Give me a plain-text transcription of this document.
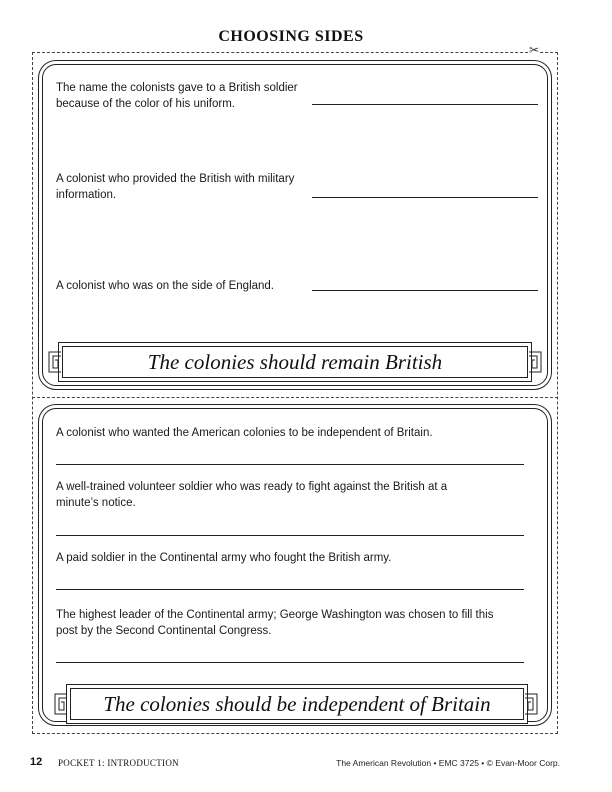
CHOOSING SIDES
✂
The name the colonists gave to a British soldier because of the color of his uniform.
A colonist who provided the British with military information.
A colonist who was on the side of England.
The colonies should remain British
A colonist who wanted the American colonies to be independent of Britain.
A well-trained volunteer soldier who was ready to fight against the British at a minute’s notice.
A paid soldier in the Continental army who fought the British army.
The highest leader of the Continental army; George Washington was chosen to fill this post by the Second Continental Congress.
The colonies should be independent of Britain
12 POCKET 1: INTRODUCTION	The American Revolution • EMC 3725 • © Evan-Moor Corp.
